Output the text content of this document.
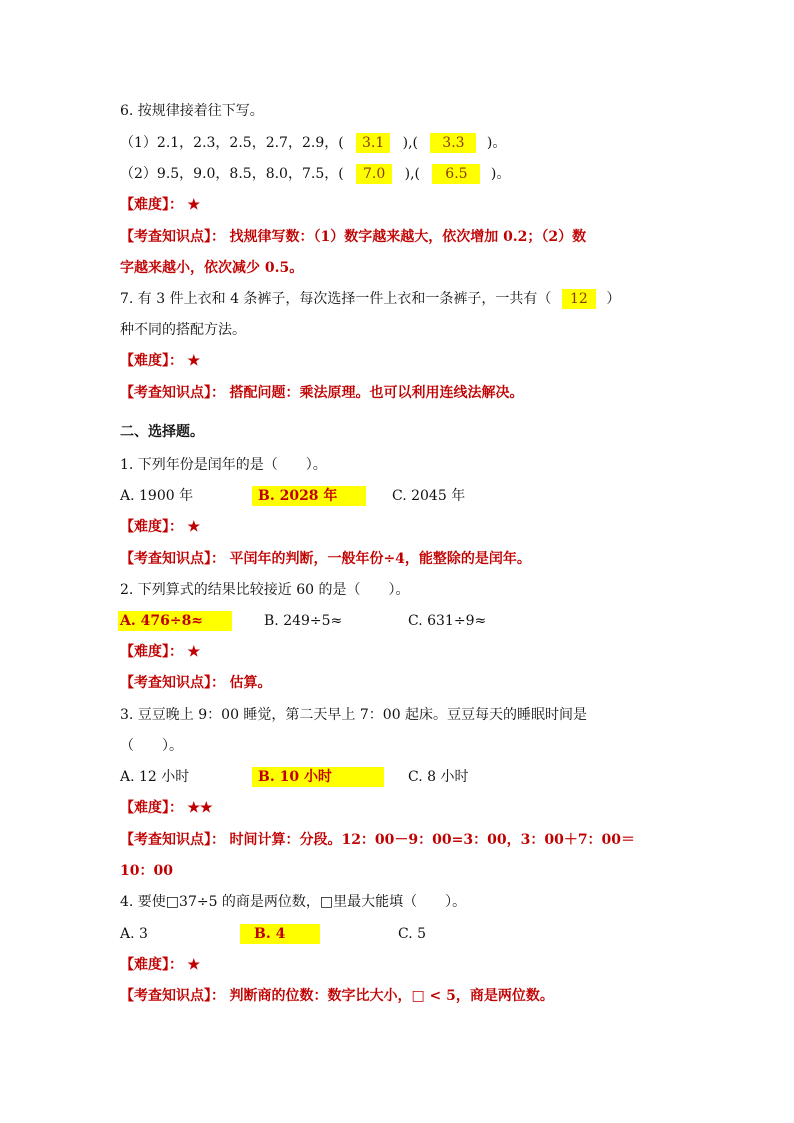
6. 按规律接着往下写。
（1）2.1，2.3，2.5，2.7，2.9，( 3.1 ),( 3.3 )。
（2）9.5，9.0，8.5，8.0，7.5，( 7.0 ),( 6.5 )。
【难度】： ★
【考查知识点】： 找规律写数：（1）数字越来越大，依次增加 0.2；（2）数
字越来越小，依次减少 0.5。
7. 有 3 件上衣和 4 条裤子，每次选择一件上衣和一条裤子，一共有（ 12 ）
种不同的搭配方法。
【难度】： ★
【考查知识点】： 搭配问题：乘法原理。也可以利用连线法解决。
二、选择题。
1. 下列年份是闰年的是（　　）。
A. 1900 年	B. 2028 年	C. 2045 年
【难度】： ★
【考查知识点】： 平闰年的判断，一般年份÷4，能整除的是闰年。
2. 下列算式的结果比较接近 60 的是（　　）。
A. 476÷8≈	B. 249÷5≈	C. 631÷9≈
【难度】： ★
【考查知识点】： 估算。
3. 豆豆晚上 9：00 睡觉，第二天早上 7：00 起床。豆豆每天的睡眠时间是
（　　）。
A. 12 小时	B. 10 小时	C. 8 小时
【难度】： ★★
【考查知识点】： 时间计算：分段。12：00－9：00=3：00，3：00＋7：00＝
10：00
4. 要使□37÷5 的商是两位数，□里最大能填（　　）。
A. 3	B. 4	C. 5
【难度】： ★
【考查知识点】： 判断商的位数：数字比大小，□ < 5，商是两位数。
